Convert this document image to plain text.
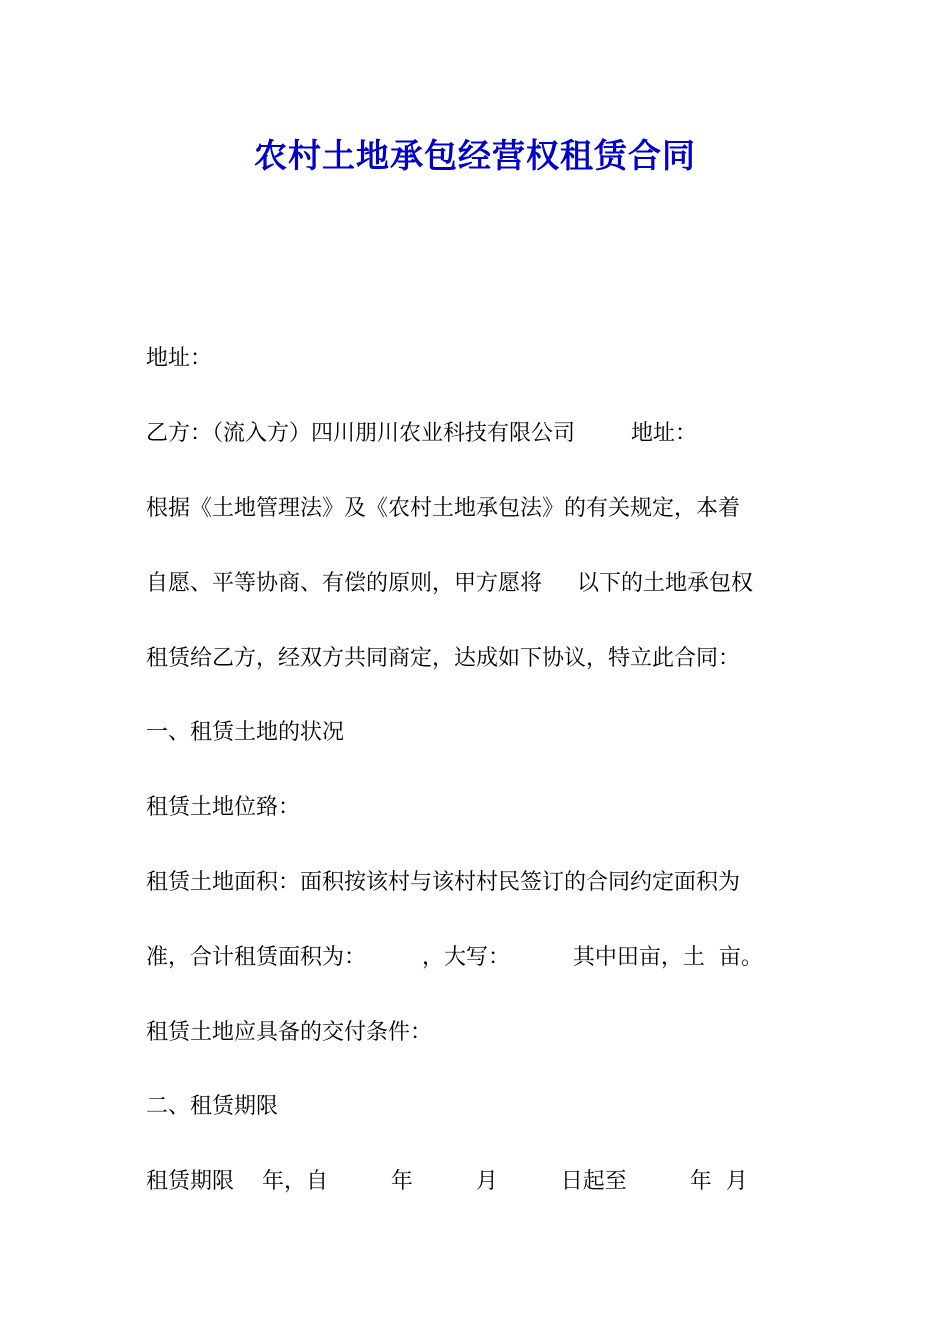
农村土地承包经营权租赁合同
地址：
乙方：（流入方）四川朋川农业科技有限公司        地址：
根据《土地管理法》及《农村土地承包法》的有关规定，本着
自愿、平等协商、有偿的原则，甲方愿将     以下的土地承包权
租赁给乙方，经双方共同商定，达成如下协议，特立此合同：
一、租赁土地的状况
租赁土地位臵：
租赁土地面积：面积按该村与该村村民签订的合同约定面积为
准，合计租赁面积为：        ，大写：         其中田亩，土  亩。
租赁土地应具备的交付条件：
二、租赁期限
租赁期限    年，自         年         月         日起至         年  月
